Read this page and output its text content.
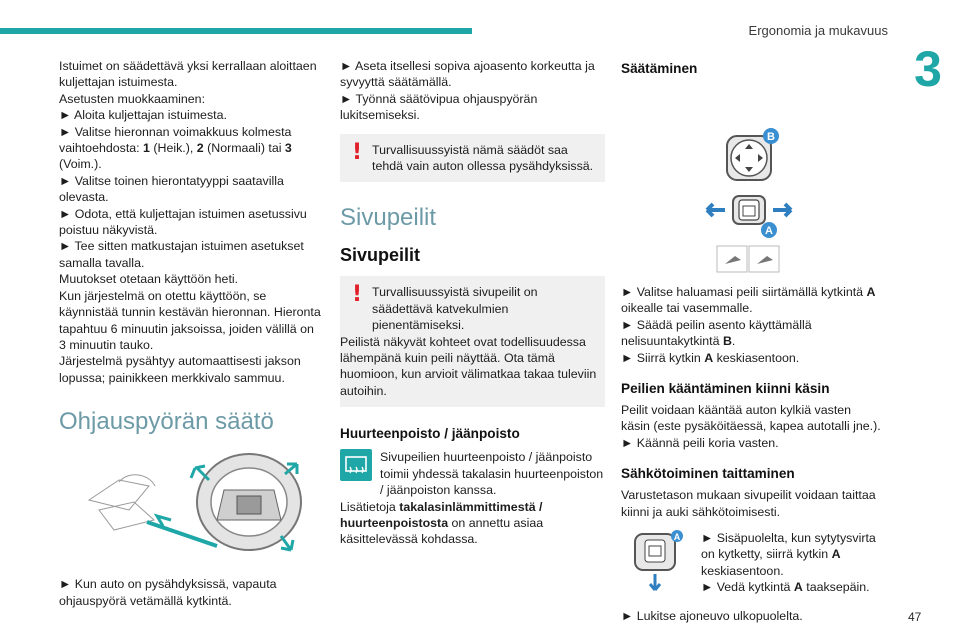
Ergonomia ja mukavuus
3
47

Istuimet on säädettävä yksi kerrallaan aloittaen kuljettajan istuimesta.

Asetusten muokkaaminen:

► Aloita kuljettajan istuimesta.

► Valitse hieronnan voimakkuus kolmesta vaihtoehdosta: 1 (Heik.), 2 (Normaali) tai 3 (Voim.).

► Valitse toinen hierontatyyppi saatavilla olevasta.

► Odota, että kuljettajan istuimen asetussivu poistuu näkyvistä.

► Tee sitten matkustajan istuimen asetukset samalla tavalla.

Muutokset otetaan käyttöön heti.

Kun järjestelmä on otettu käyttöön, se käynnistää tunnin kestävän hieronnan. Hieronta tapahtuu 6 minuutin jaksoissa, joiden välillä on 3 minuutin tauko.

Järjestelmä pysähtyy automaattisesti jakson lopussa; painikkeen merkkivalo sammuu.

Ohjauspyörän säätö

► Kun auto on pysähdyksissä, vapauta ohjauspyörä vetämällä kytkintä.

► Aseta itsellesi sopiva ajoasento korkeutta ja syvyyttä säätämällä.

► Työnnä säätövipua ohjauspyörän lukitsemiseksi.

! Turvallisuussyistä nämä säädöt saa tehdä vain auton ollessa pysähdyksissä.

Sivupeilit
Sivupeilit
! Turvallisuussyistä sivupeilit on säädettävä katvekulmien pienentämiseksi.

Peilistä näkyvät kohteet ovat todellisuudessa lähempänä kuin peili näyttää. Ota tämä huomioon, kun arvioit välimatkaa takaa tuleviin autoihin.

Huurteenpoisto / jäänpoisto

Sivupeilien huurteenpoisto / jäänpoisto toimii yhdessä takalasin huurteenpoiston / jäänpoiston kanssa.

Lisätietoja takalasinlämmittimestä / huurteenpoistosta on annettu asiaa käsittelevässä kohdassa.

Säätäminen
B
A

► Valitse haluamasi peili siirtämällä kytkintä A oikealle tai vasemmalle.

► Säädä peilin asento käyttämällä nelisuuntakytkintä B.

► Siirrä kytkin A keskiasentoon.

Peilien kääntäminen kiinni käsin

Peilit voidaan kääntää auton kylkiä vasten käsin (este pysäköitäessä, kapea autotalli jne.).

► Käännä peili koria vasten.

Sähkötoiminen taittaminen

Varustetason mukaan sivupeilit voidaan taittaa kiinni ja auki sähkötoimisesti.

A ► Sisäpuolelta, kun sytytysvirta on kytketty, siirrä kytkin A keskiasentoon.

► Vedä kytkintä A taaksepäin.

► Lukitse ajoneuvo ulkopuolelta.
